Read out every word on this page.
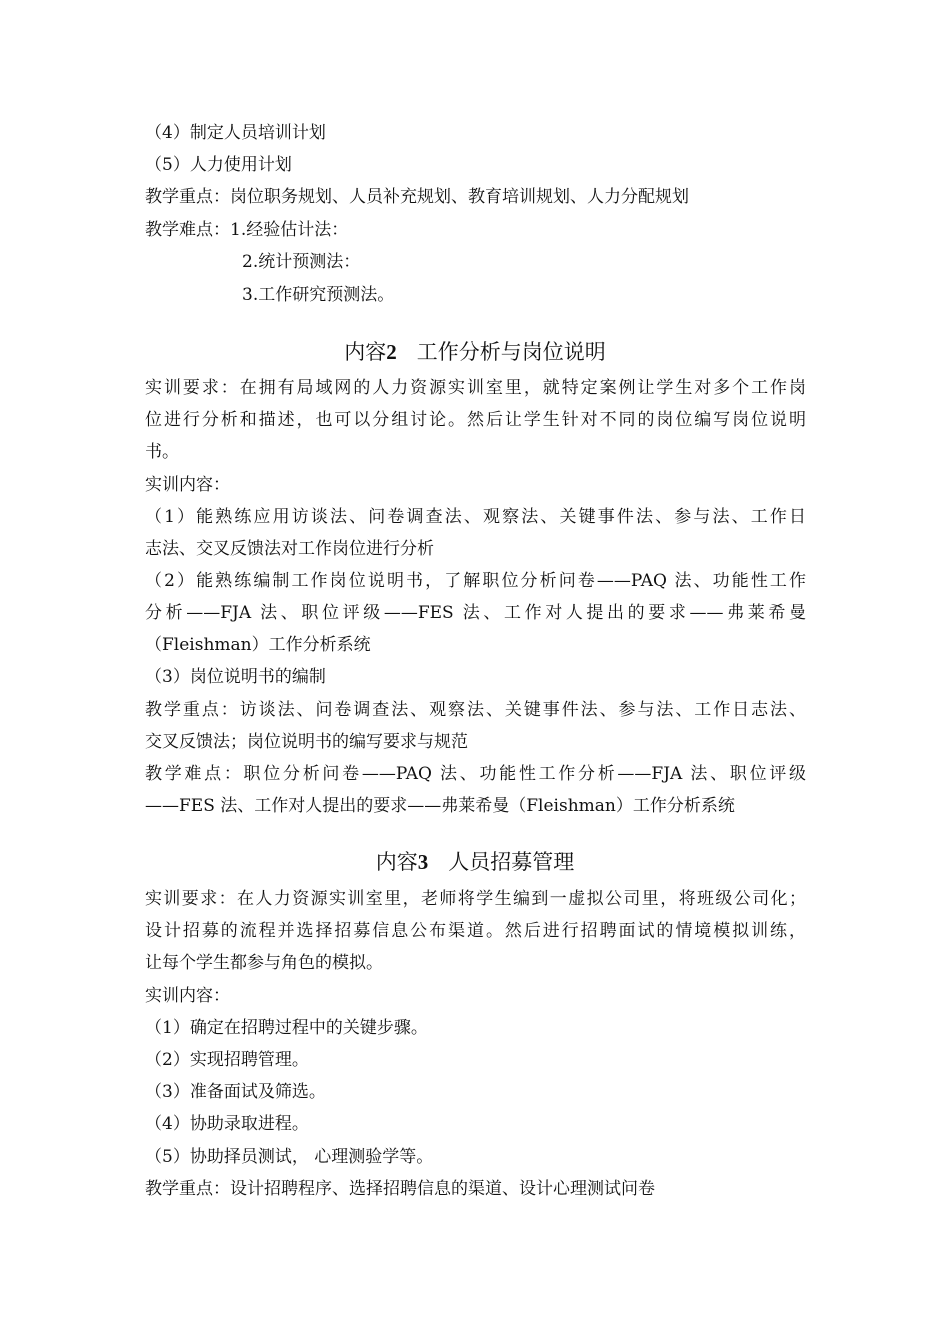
（4）制定人员培训计划
（5）人力使用计划
教学重点：岗位职务规划、人员补充规划、教育培训规划、人力分配规划
教学难点：1.经验估计法：
2.统计预测法：
3.工作研究预测法。
内容2 工作分析与岗位说明
实训要求：在拥有局域网的人力资源实训室里，就特定案例让学生对多个工作岗
位进行分析和描述，也可以分组讨论。然后让学生针对不同的岗位编写岗位说明
书。
实训内容：
（1）能熟练应用访谈法、问卷调查法、观察法、关键事件法、参与法、工作日
志法、交叉反馈法对工作岗位进行分析
（2）能熟练编制工作岗位说明书，了解职位分析问卷——PAQ 法、功能性工作
分析——FJA 法、职位评级——FES 法、工作对人提出的要求——弗莱希曼
（Fleishman）工作分析系统
（3）岗位说明书的编制
教学重点：访谈法、问卷调查法、观察法、关键事件法、参与法、工作日志法、
交叉反馈法；岗位说明书的编写要求与规范
教学难点：职位分析问卷——PAQ 法、功能性工作分析——FJA 法、职位评级
——FES 法、工作对人提出的要求——弗莱希曼（Fleishman）工作分析系统
内容3 人员招募管理
实训要求：在人力资源实训室里，老师将学生编到一虚拟公司里，将班级公司化；
设计招募的流程并选择招募信息公布渠道。然后进行招聘面试的情境模拟训练，
让每个学生都参与角色的模拟。
实训内容：
（1）确定在招聘过程中的关键步骤。
（2）实现招聘管理。
（3）准备面试及筛选。
（4）协助录取进程。
（5）协助择员测试， 心理测验学等。
教学重点：设计招聘程序、选择招聘信息的渠道、设计心理测试问卷
